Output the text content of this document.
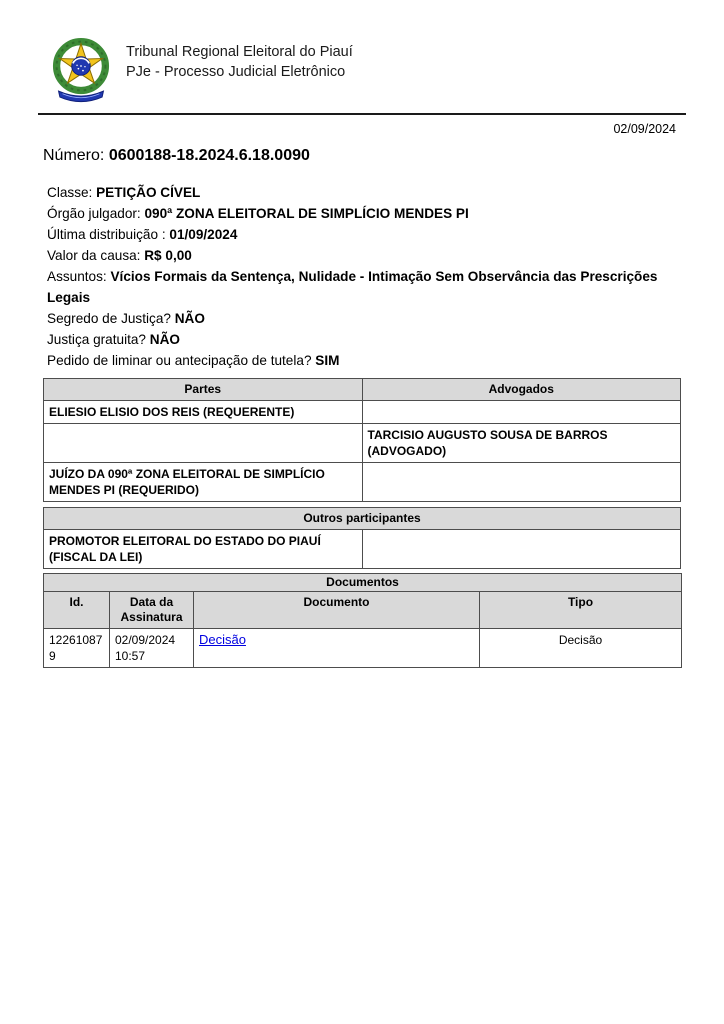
Tribunal Regional Eleitoral do Piauí
PJe - Processo Judicial Eletrônico
02/09/2024
Número: 0600188-18.2024.6.18.0090
Classe: PETIÇÃO CÍVEL
Órgão julgador: 090ª ZONA ELEITORAL DE SIMPLÍCIO MENDES PI
Última distribuição : 01/09/2024
Valor da causa: R$ 0,00
Assuntos: Vícios Formais da Sentença, Nulidade - Intimação Sem Observância das Prescrições Legais
Segredo de Justiça? NÃO
Justiça gratuita? NÃO
Pedido de liminar ou antecipação de tutela? SIM
Partes	Advogados
ELIESIO ELISIO DOS REIS (REQUERENTE)	
	TARCISIO AUGUSTO SOUSA DE BARROS (ADVOGADO)
JUÍZO DA 090ª ZONA ELEITORAL DE SIMPLÍCIO MENDES PI (REQUERIDO)	
Outros participantes
PROMOTOR ELEITORAL DO ESTADO DO PIAUÍ (FISCAL DA LEI)	
Documentos			
Id.	Data da Assinatura	Documento	Tipo
122610879	02/09/2024 10:57	Decisão	Decisão
